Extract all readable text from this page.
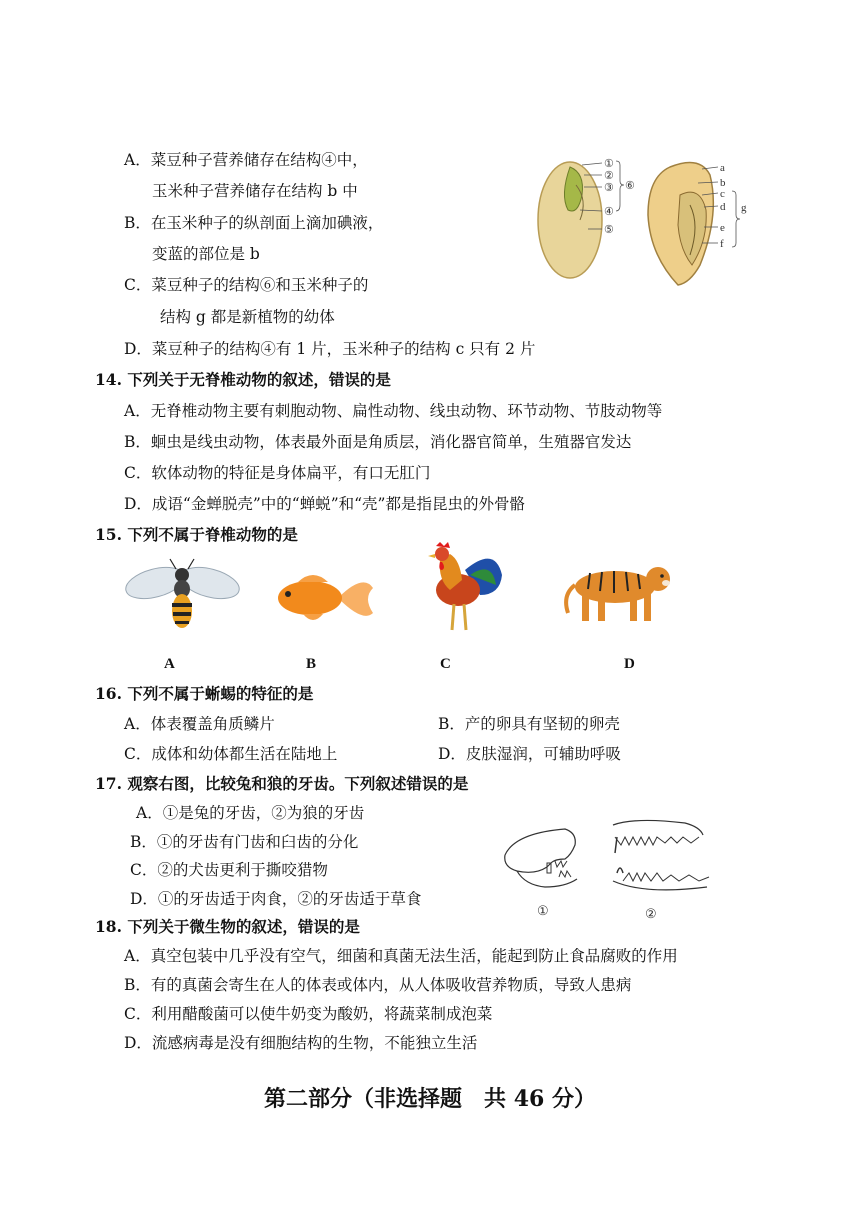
A．菜豆种子营养储存在结构④中，
玉米种子营养储存在结构 b 中
B．在玉米种子的纵剖面上滴加碘液，
变蓝的部位是 b
C．菜豆种子的结构⑥和玉米种子的
结构 g 都是新植物的幼体
D．菜豆种子的结构④有 1 片，玉米种子的结构 c 只有 2 片
①
②
③
④
⑤
⑥
a
b
c
d
e
f
g
14. 下列关于无脊椎动物的叙述，错误的是
A．无脊椎动物主要有刺胞动物、扁性动物、线虫动物、环节动物、节肢动物等
B．蛔虫是线虫动物，体表最外面是角质层，消化器官简单，生殖器官发达
C．软体动物的特征是身体扁平，有口无肛门
D．成语“金蝉脱壳”中的“蝉蜕”和“壳”都是指昆虫的外骨骼
15. 下列不属于脊椎动物的是
A	B	C	D
16. 下列不属于蜥蜴的特征的是
A．体表覆盖角质鳞片	B．产的卵具有坚韧的卵壳
C．成体和幼体都生活在陆地上	D．皮肤湿润，可辅助呼吸
17. 观察右图，比较兔和狼的牙齿。下列叙述错误的是
A．①是兔的牙齿，②为狼的牙齿
B．①的牙齿有门齿和臼齿的分化
C．②的犬齿更利于撕咬猎物
D．①的牙齿适于肉食，②的牙齿适于草食
①	②
18. 下列关于微生物的叙述，错误的是
A．真空包装中几乎没有空气，细菌和真菌无法生活，能起到防止食品腐败的作用
B．有的真菌会寄生在人的体表或体内，从人体吸收营养物质，导致人患病
C．利用醋酸菌可以使牛奶变为酸奶，将蔬菜制成泡菜
D．流感病毒是没有细胞结构的生物，不能独立生活
第二部分（非选择题　共 46 分）
